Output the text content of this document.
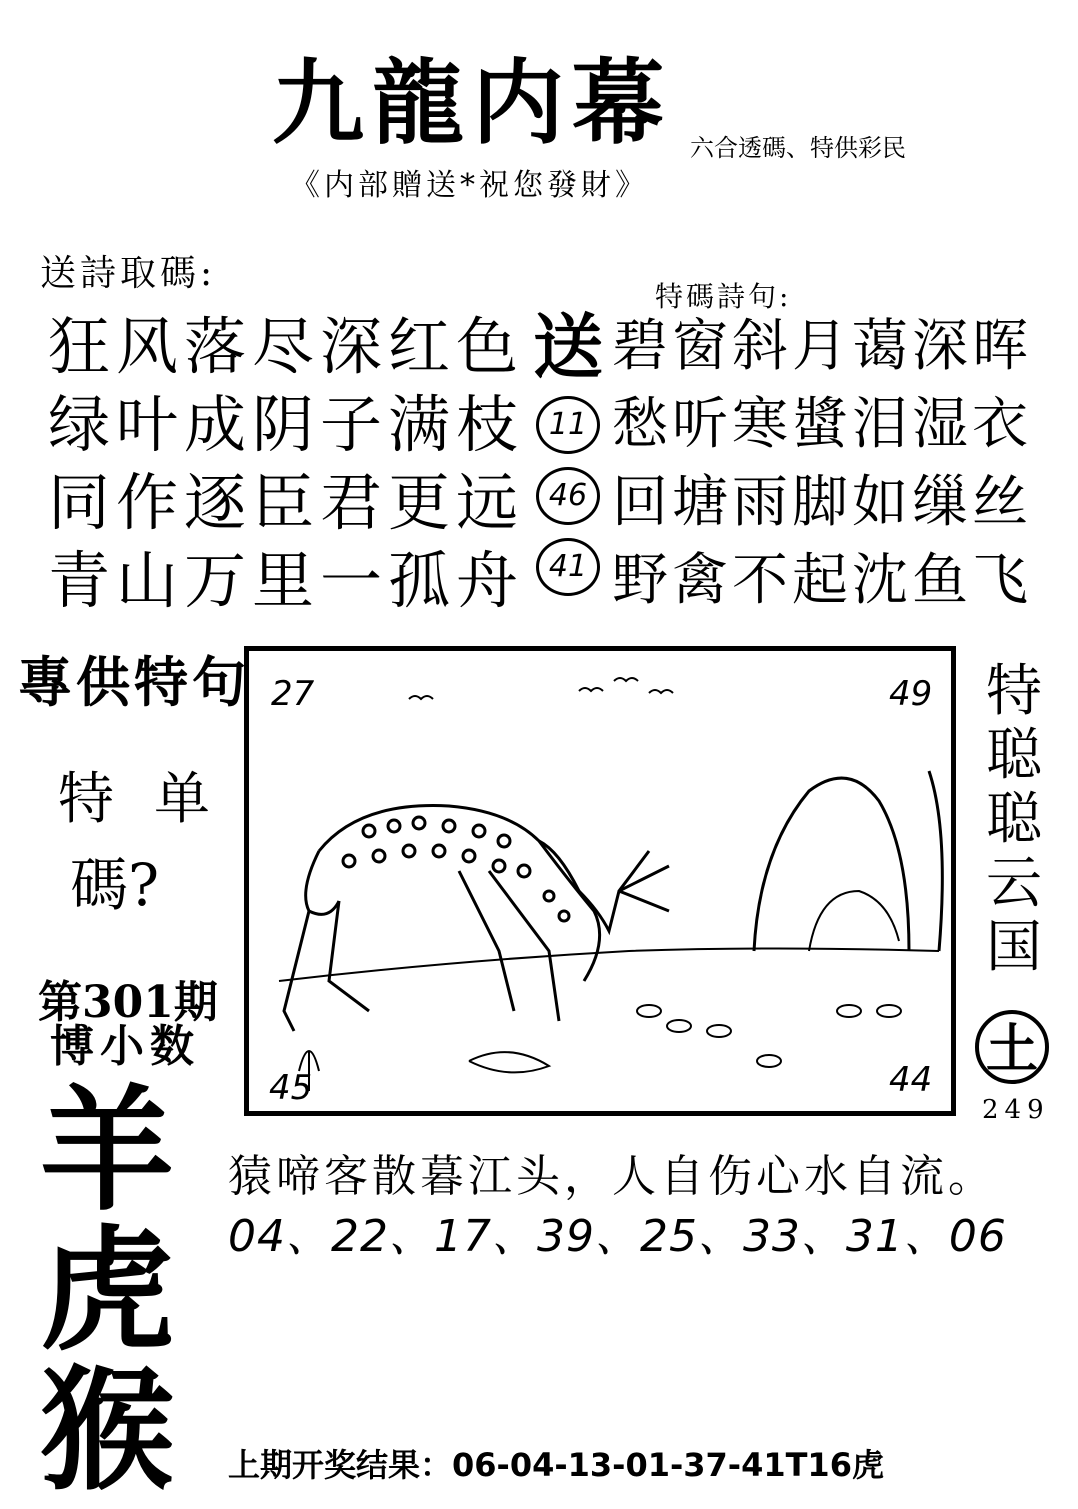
九龍内幕 六合透碼、特供彩民
《内部贈送*祝您發財》
送詩取碼:
特碼詩句:
狂风落尽深红色
绿叶成阴子满枝
同作逐臣君更远
青山万里一孤舟
送
11
46
41
碧窗斜月蔼深晖
愁听寒螿泪湿衣
回塘雨脚如缫丝
野禽不起沈鱼飞
專供特句
特单
碼?
第301期
博小数
羊
虎
猴
27	49
45	44
特
聪
聪
云
国
土
249
猿啼客散暮江头，人自伤心水自流。
04、22、17、39、25、33、31、06
上期开奖结果：06-04-13-01-37-41T16虎
